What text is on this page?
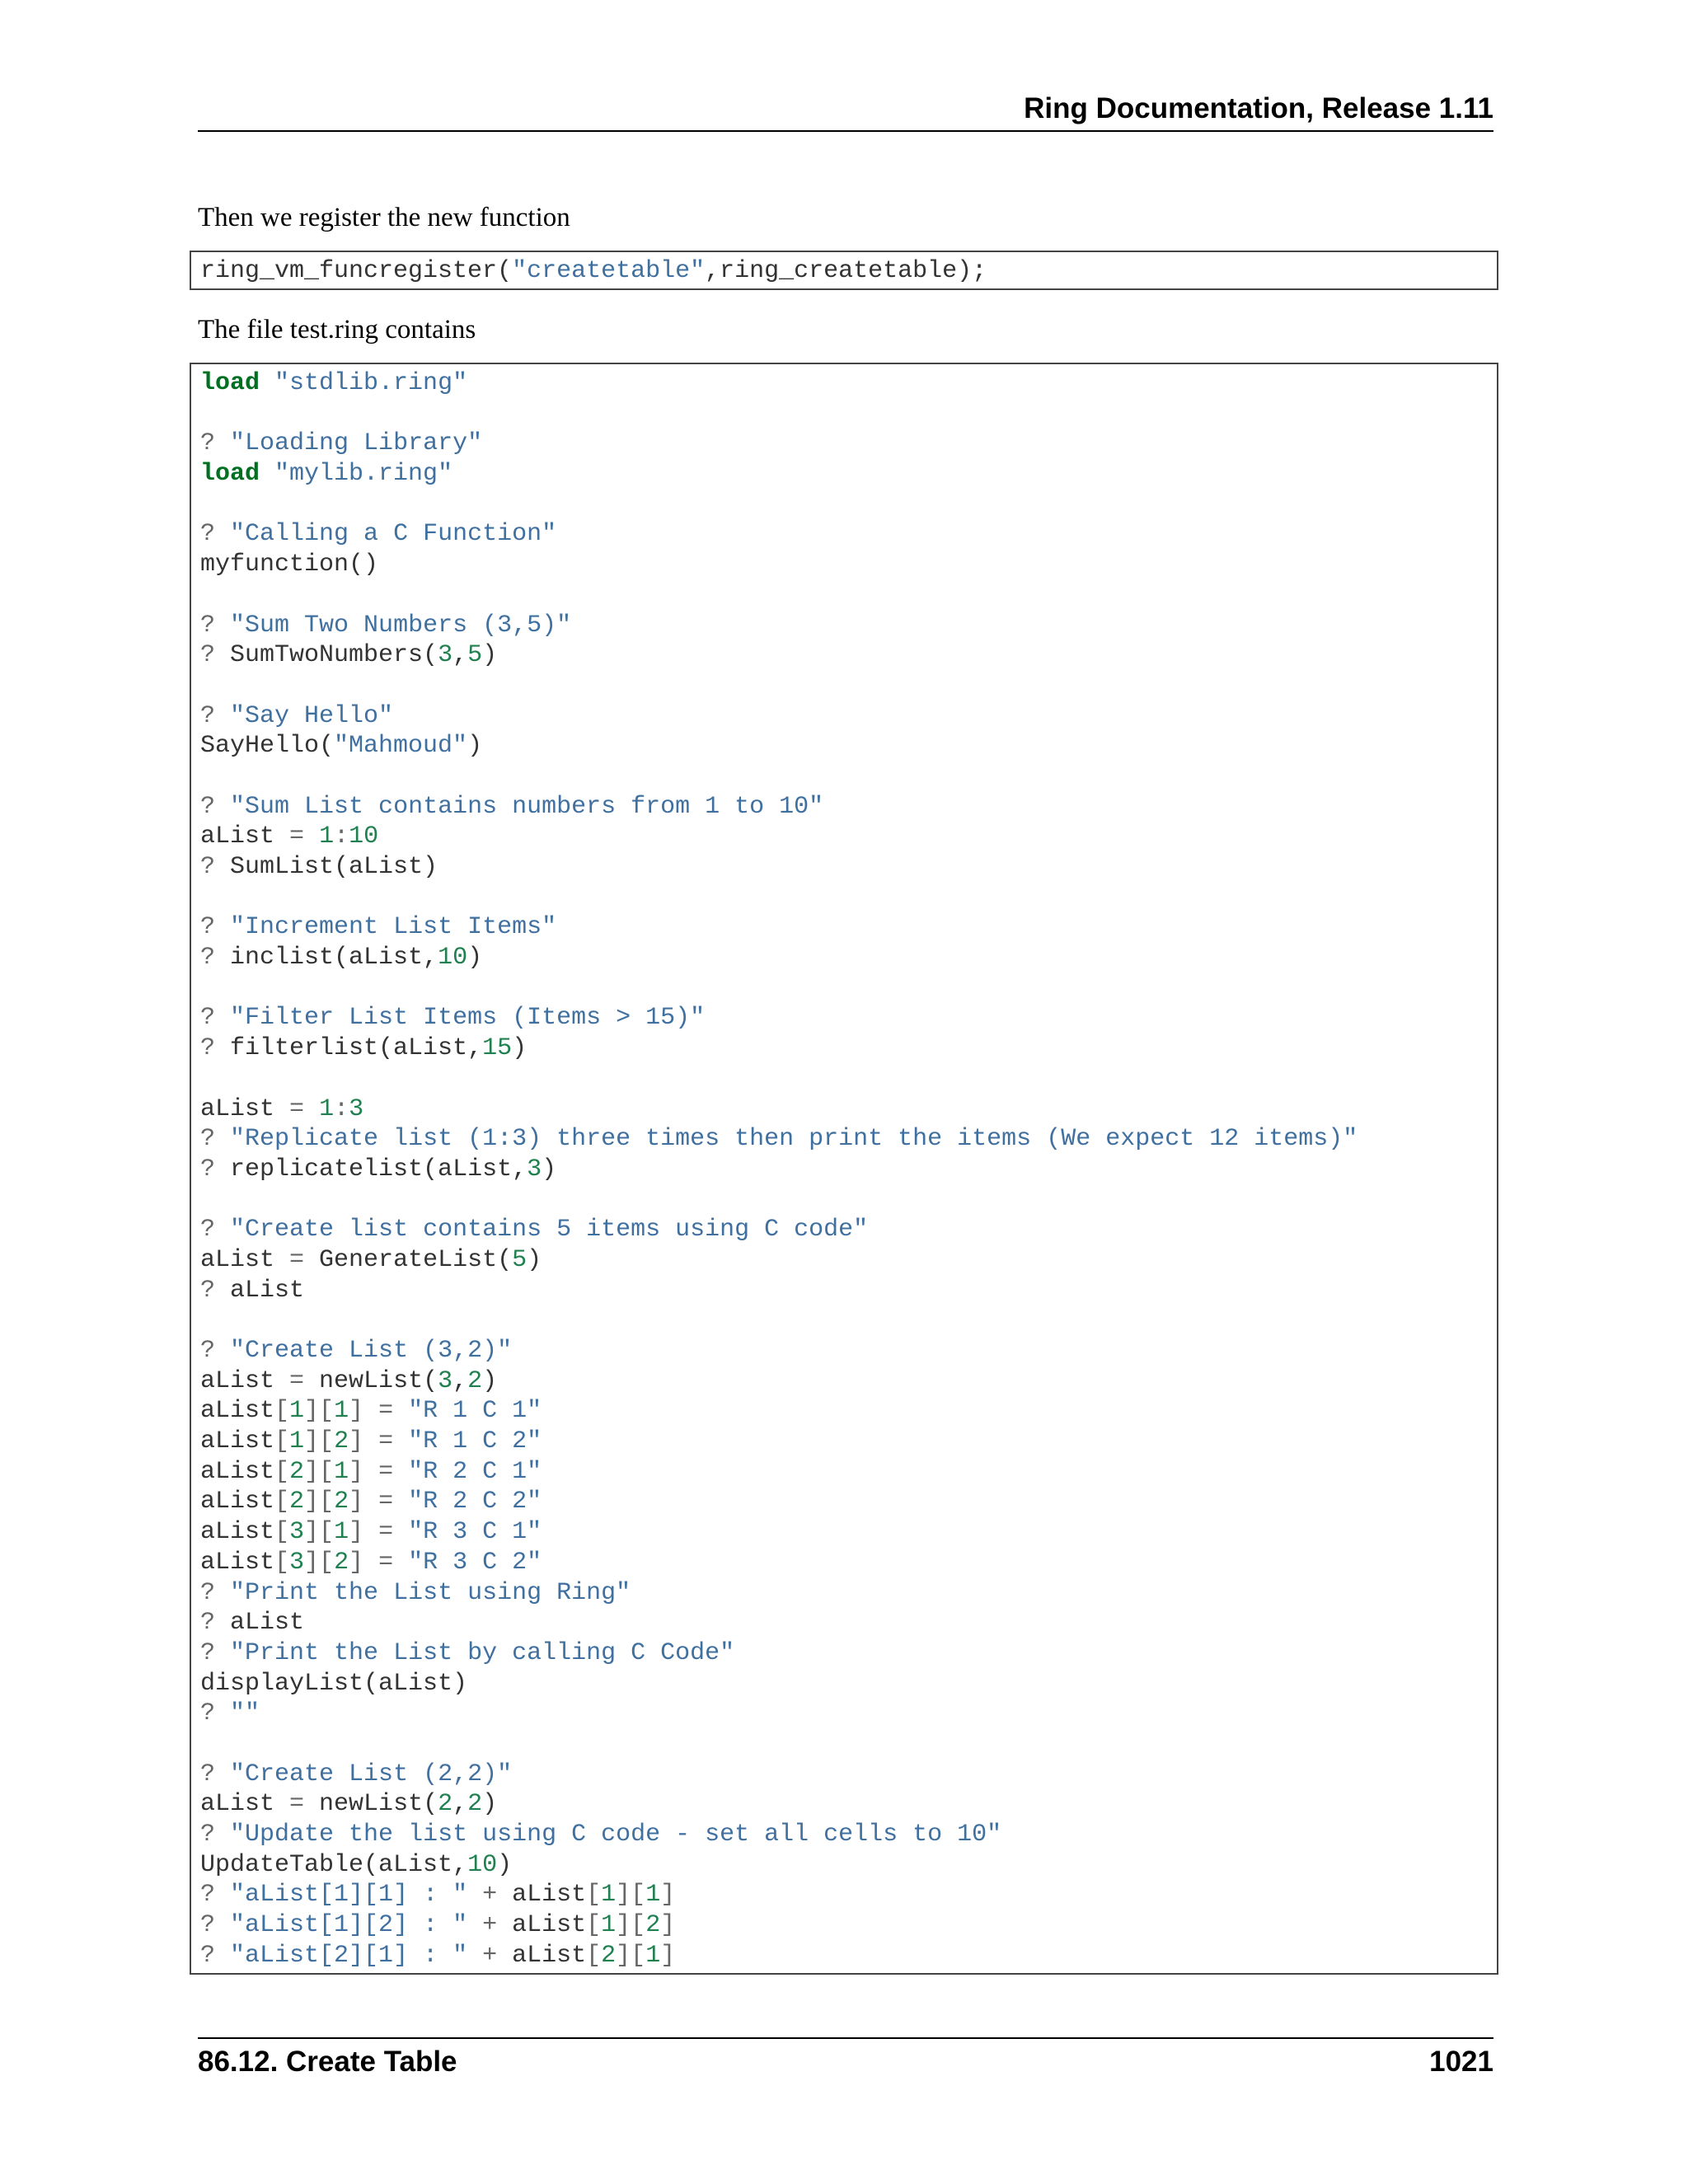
Ring Documentation, Release 1.11

Then we register the new function

ring_vm_funcregister("createtable",ring_createtable);

The file test.ring contains

load "stdlib.ring"

? "Loading Library"
load "mylib.ring"

? "Calling a C Function"
myfunction()

? "Sum Two Numbers (3,5)"
? SumTwoNumbers(3,5)

? "Say Hello"
SayHello("Mahmoud")

? "Sum List contains numbers from 1 to 10"
aList = 1:10
? SumList(aList)

? "Increment List Items"
? inclist(aList,10)

? "Filter List Items (Items > 15)"
? filterlist(aList,15)

aList = 1:3
? "Replicate list (1:3) three times then print the items (We expect 12 items)"
? replicatelist(aList,3)

? "Create list contains 5 items using C code"
aList = GenerateList(5)
? aList

? "Create List (3,2)"
aList = newList(3,2)
aList[1][1] = "R 1 C 1"
aList[1][2] = "R 1 C 2"
aList[2][1] = "R 2 C 1"
aList[2][2] = "R 2 C 2"
aList[3][1] = "R 3 C 1"
aList[3][2] = "R 3 C 2"
? "Print the List using Ring"
? aList
? "Print the List by calling C Code"
displayList(aList)
? ""

? "Create List (2,2)"
aList = newList(2,2)
? "Update the list using C code - set all cells to 10"
UpdateTable(aList,10)
? "aList[1][1] : " + aList[1][1]
? "aList[1][2] : " + aList[1][2]
? "aList[2][1] : " + aList[2][1]
86.12. Create Table	1021
